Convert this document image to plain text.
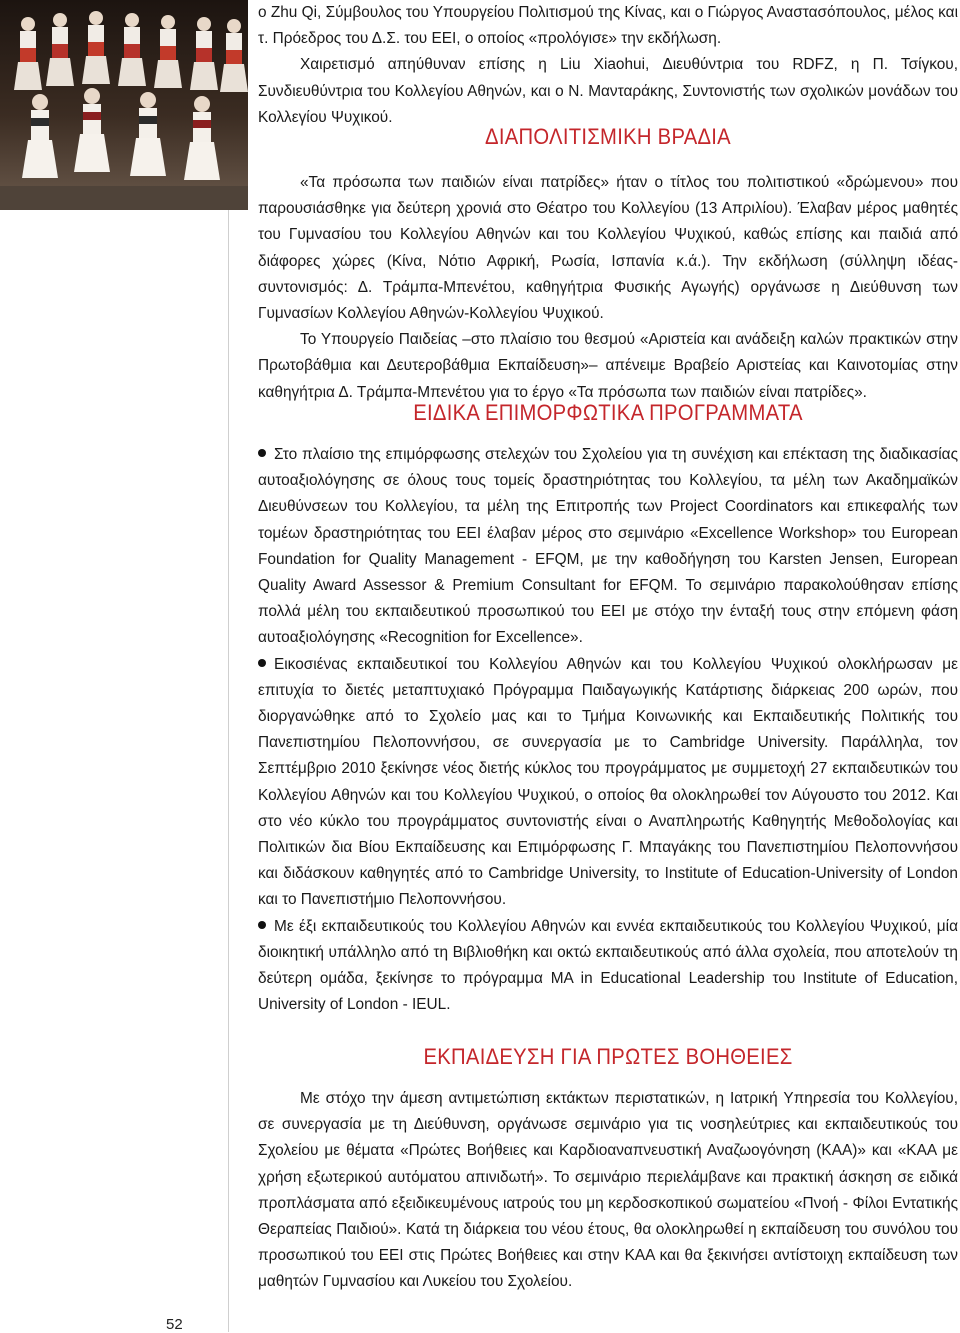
ο Zhu Qi, Σύμβουλος του Υπουργείου Πολιτισμού της Κίνας, και ο Γιώργος Αναστασόπουλος, μέλος και τ. Πρόεδρος του Δ.Σ. του ΕΕΙ, ο οποίος «προλόγισε» την εκδήλωση.

Χαιρετισμό απηύθυναν επίσης η Liu Xiaohui, Διευθύντρια του RDFZ, η Π. Τσίγκου, Συνδιευθύντρια του Κολλεγίου Αθηνών, και ο Ν. Μανταράκης, Συντονιστής των σχολικών μονάδων του Κολλεγίου Ψυχικού.

ΔΙΑΠΟΛΙΤΙΣΜΙΚΗ ΒΡΑΔΙΑ

«Τα πρόσωπα των παιδιών είναι πατρίδες» ήταν ο τίτλος του πολιτιστικού «δρώμενου» που παρουσιάσθηκε για δεύτερη χρονιά στο Θέατρο του Κολλεγίου (13 Απριλίου). Έλαβαν μέρος μαθητές του Γυμνασίου του Κολλεγίου Αθηνών και του Κολλεγίου Ψυχικού, καθώς επίσης και παιδιά από διάφορες χώρες (Κίνα, Νότιο Αφρική, Ρωσία, Ισπανία κ.ά.). Την εκδήλωση (σύλληψη ιδέας-συντονισμός: Δ. Τράμπα-Μπενέτου, καθηγήτρια Φυσικής Αγωγής) οργάνωσε η Διεύθυνση των Γυμνασίων Κολλεγίου Αθηνών-Κολλεγίου Ψυχικού.

Το Υπουργείο Παιδείας –στο πλαίσιο του θεσμού «Αριστεία και ανάδειξη καλών πρακτικών στην Πρωτοβάθμια και Δευτεροβάθμια Εκπαίδευση»– απένειμε Βραβείο Αριστείας και Καινοτομίας στην καθηγήτρια Δ. Τράμπα-Μπενέτου για το έργο «Τα πρόσωπα των παιδιών είναι πατρίδες».

ΕΙΔΙΚΑ ΕΠΙΜΟΡΦΩΤΙΚΑ ΠΡΟΓΡΑΜΜΑΤΑ

Στο πλαίσιο της επιμόρφωσης στελεχών του Σχολείου για τη συνέχιση και επέκταση της διαδικασίας αυτοαξιολόγησης σε όλους τους τομείς δραστηριότητας του Κολλεγίου, τα μέλη των Ακαδημαϊκών Διευθύνσεων του Κολλεγίου, τα μέλη της Επιτροπής των Project Coordinators και επικεφαλής των τομέων δραστηριότητας του ΕΕΙ έλαβαν μέρος στο σεμινάριο «Excellence Workshop» του European Foundation for Quality Management - EFQM, με την καθοδήγηση του Karsten Jensen, European Quality Award Assessor & Premium Consultant for EFQM. Το σεμινάριο παρακολούθησαν επίσης πολλά μέλη του εκπαιδευτικού προσωπικού του ΕΕΙ με στόχο την ένταξή τους στην επόμενη φάση αυτοαξιολόγησης «Recognition for Excellence».

Εικοσιένας εκπαιδευτικοί του Κολλεγίου Αθηνών και του Κολλεγίου Ψυχικού ολοκλήρωσαν με επιτυχία το διετές μεταπτυχιακό Πρόγραμμα Παιδαγωγικής Κατάρτισης διάρκειας 200 ωρών, που διοργανώθηκε από το Σχολείο μας και το Τμήμα Κοινωνικής και Εκπαιδευτικής Πολιτικής του Πανεπιστημίου Πελοποννήσου, σε συνεργασία με το Cambridge University. Παράλληλα, τον Σεπτέμβριο 2010 ξεκίνησε νέος διετής κύκλος του προγράμματος με συμμετοχή 27 εκπαιδευτικών του Κολλεγίου Αθηνών και του Κολλεγίου Ψυχικού, ο οποίος θα ολοκληρωθεί τον Αύγουστο του 2012. Και στο νέο κύκλο του προγράμματος συντονιστής είναι ο Αναπληρωτής Καθηγητής Μεθοδολογίας και Πολιτικών δια Βίου Εκπαίδευσης και Επιμόρφωσης Γ. Μπαγάκης του Πανεπιστημίου Πελοποννήσου και διδάσκουν καθηγητές από το Cambridge University, το Institute of Education-University of London και το Πανεπιστήμιο Πελοποννήσου.

Με έξι εκπαιδευτικούς του Κολλεγίου Αθηνών και εννέα εκπαιδευτικούς του Κολλεγίου Ψυχικού, μία διοικητική υπάλληλο από τη Βιβλιοθήκη και οκτώ εκπαιδευτικούς από άλλα σχολεία, που αποτελούν τη δεύτερη ομάδα, ξεκίνησε το πρόγραμμα ΜΑ in Educational Leadership του Institute of Education, University of London - IEUL.

ΕΚΠΑΙΔΕΥΣΗ ΓΙΑ ΠΡΩΤΕΣ ΒΟΗΘΕΙΕΣ

Με στόχο την άμεση αντιμετώπιση εκτάκτων περιστατικών, η Ιατρική Υπηρεσία του Κολλεγίου, σε συνεργασία με τη Διεύθυνση, οργάνωσε σεμινάριο για τις νοσηλεύτριες και εκπαιδευτικούς του Σχολείου με θέματα «Πρώτες Βοήθειες και Καρδιοαναπνευστική Αναζωογόνηση (ΚΑΑ)» και «ΚΑΑ με χρήση εξωτερικού αυτόματου απινιδωτή». Το σεμινάριο περιελάμβανε και πρακτική άσκηση σε ειδικά προπλάσματα από εξειδικευμένους ιατρούς του μη κερδοσκοπικού σωματείου «Πνοή - Φίλοι Εντατικής Θεραπείας Παιδιού». Κατά τη διάρκεια του νέου έτους, θα ολοκληρωθεί η εκπαίδευση του συνόλου του προσωπικού του ΕΕΙ στις Πρώτες Βοήθειες και στην ΚΑΑ και θα ξεκινήσει αντίστοιχη εκπαίδευση των μαθητών Γυμνασίου και Λυκείου του Σχολείου.

52
